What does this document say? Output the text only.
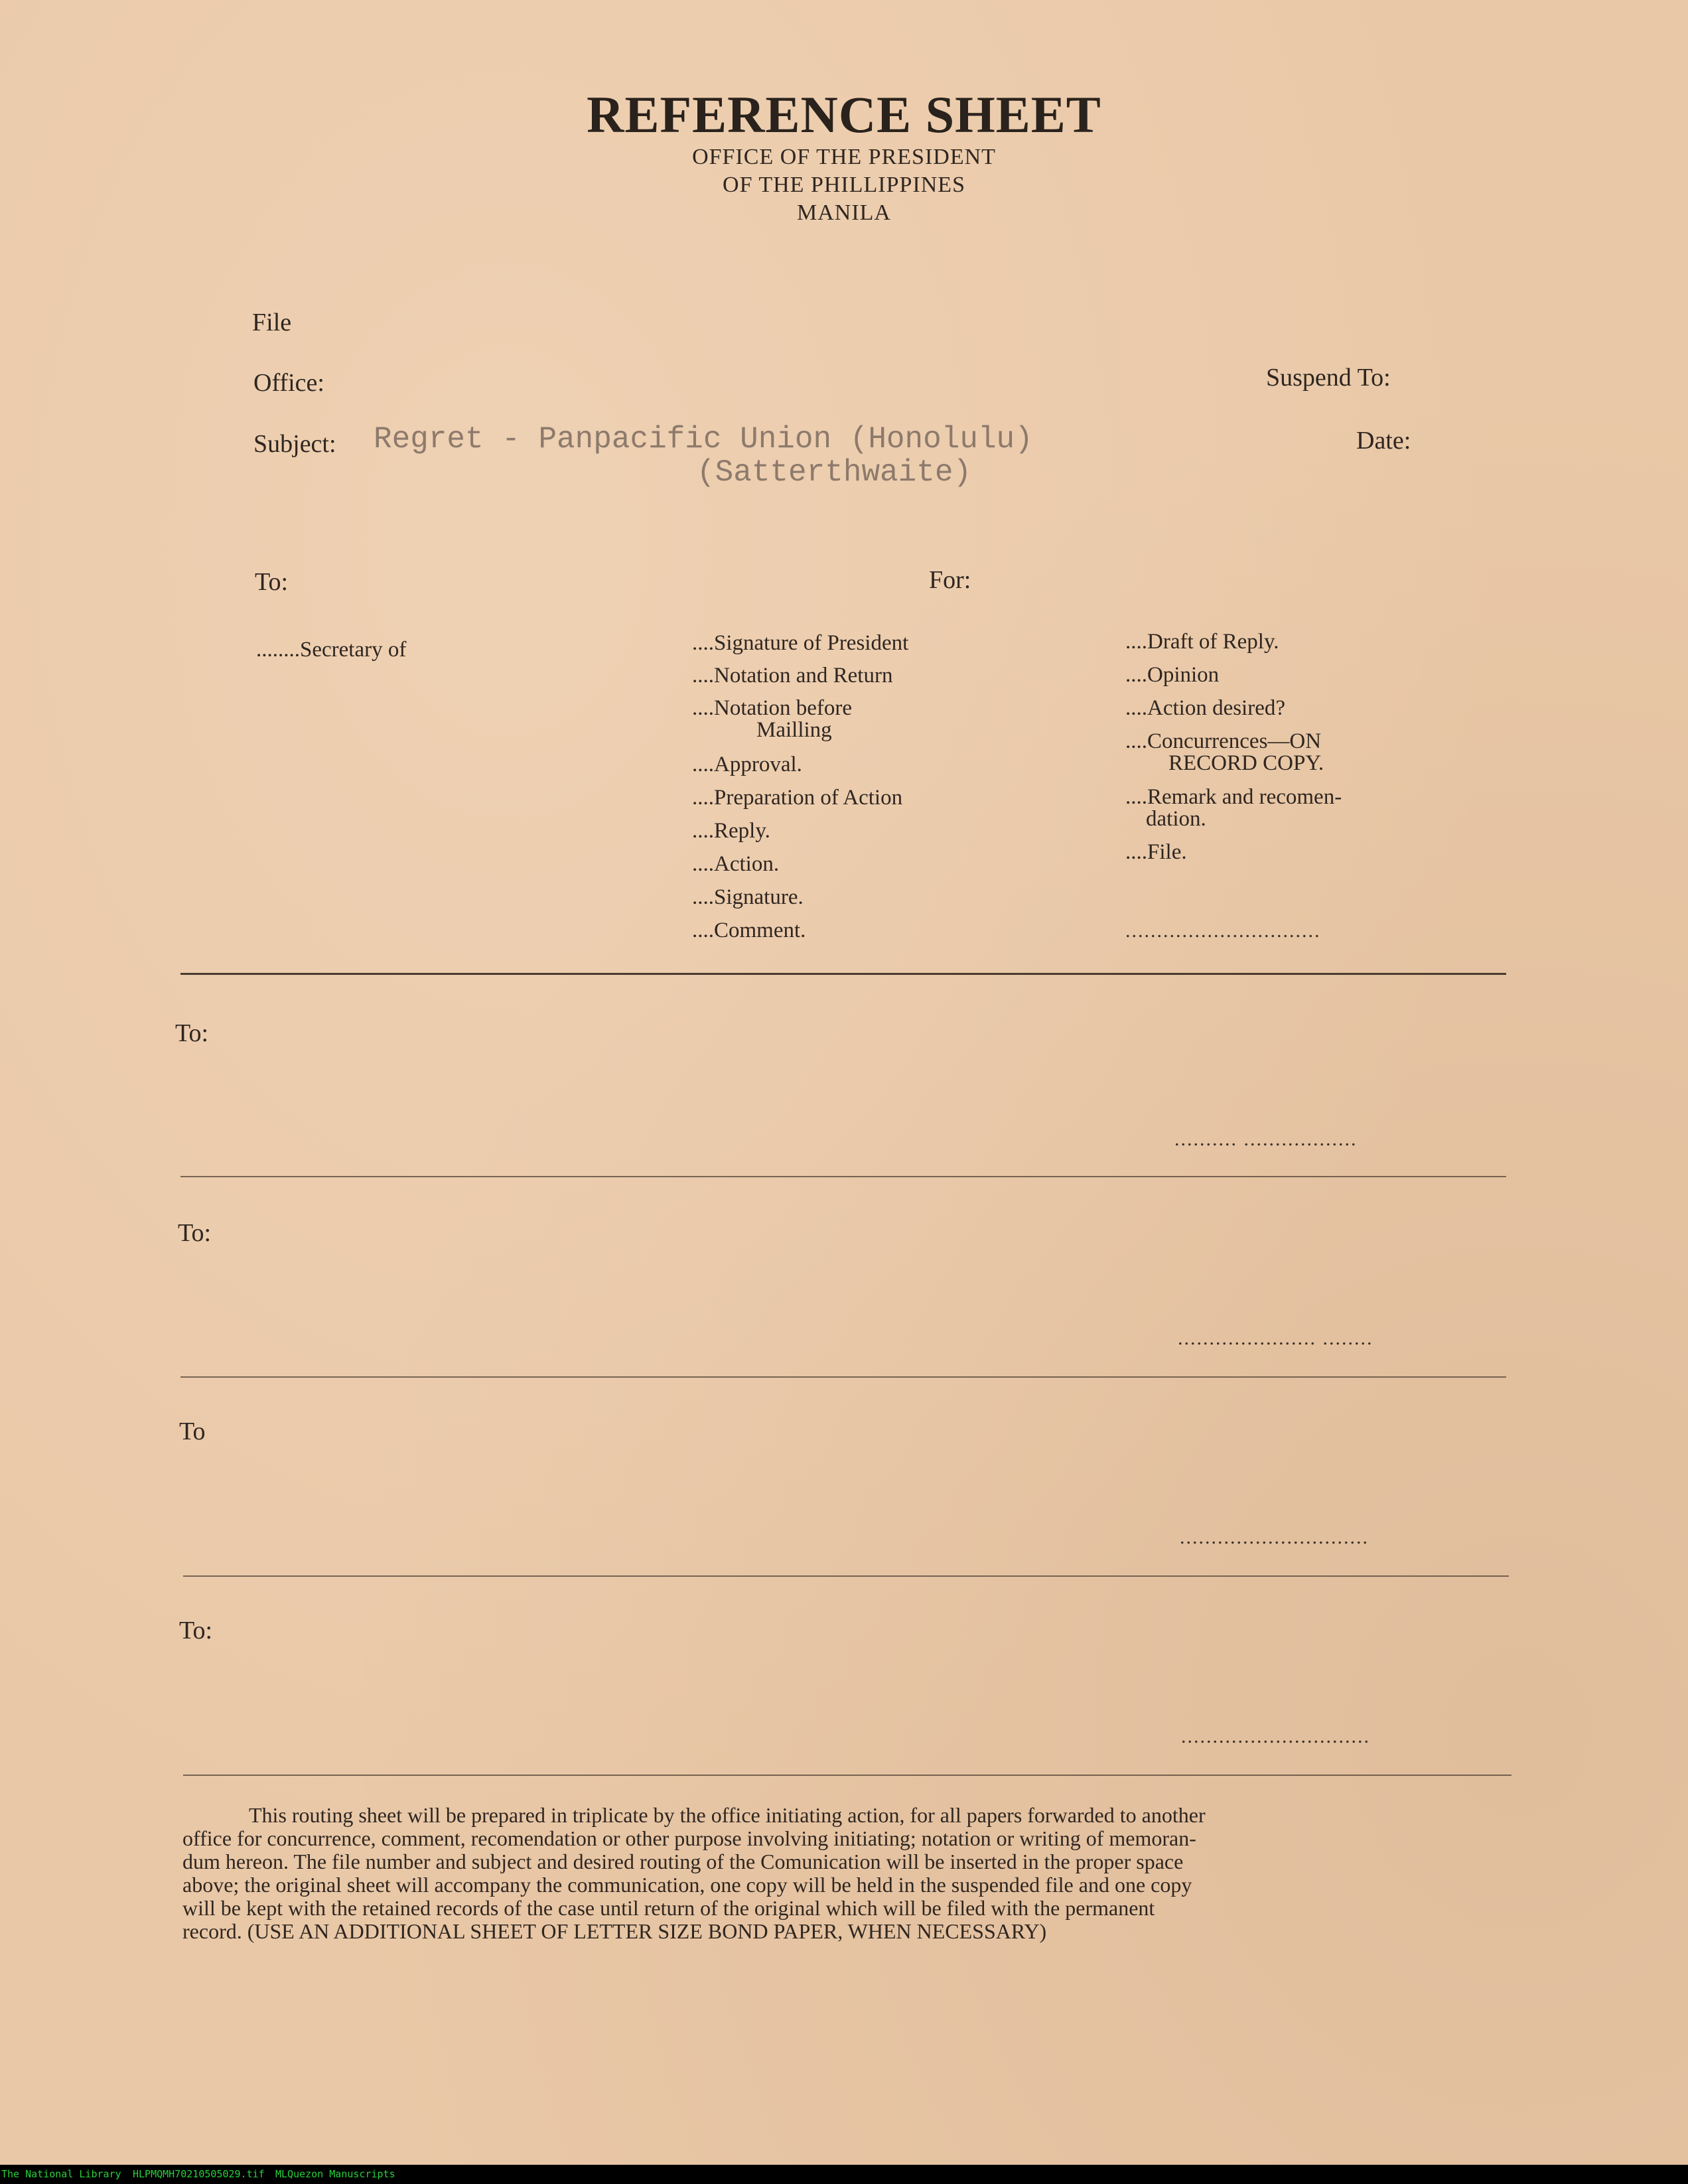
REFERENCE SHEET
OFFICE OF THE PRESIDENT
OF THE PHILLIPPINES
MANILA
File
Office:	Suspend To:
Subject:	Date:
Regret - Panpacific Union (Honolulu)
(Satterthwaite)
To:	For:
........Secretary of	....Signature of President
....Notation and Return
....Notation before
Mailling
....Approval.
....Preparation of Action
....Reply.
....Action.
....Signature.
....Comment.
....Draft of Reply.
....Opinion
....Action desired?
....Concurrences—ON
RECORD COPY.
....Remark and recomen-
dation.
....File.
...............................
To:
.......... ..................
To:
...................... ........
To
..............................
To:
..............................
This routing sheet will be prepared in triplicate by the office initiating action, for all papers forwarded to another
office for concurrence, comment, recomendation or other purpose involving initiating; notation or writing of memoran-
dum hereon. The file number and subject and desired routing of the Comunication will be inserted in the proper space
above; the original sheet will accompany the communication, one copy will be held in the suspended file and one copy
will be kept with the retained records of the case until return of the original which will be filed with the permanent
record. (USE AN ADDITIONAL SHEET OF LETTER SIZE BOND PAPER, WHEN NECESSARY)
The National Library HLPMQMH70210505029.tif MLQuezon Manuscripts
